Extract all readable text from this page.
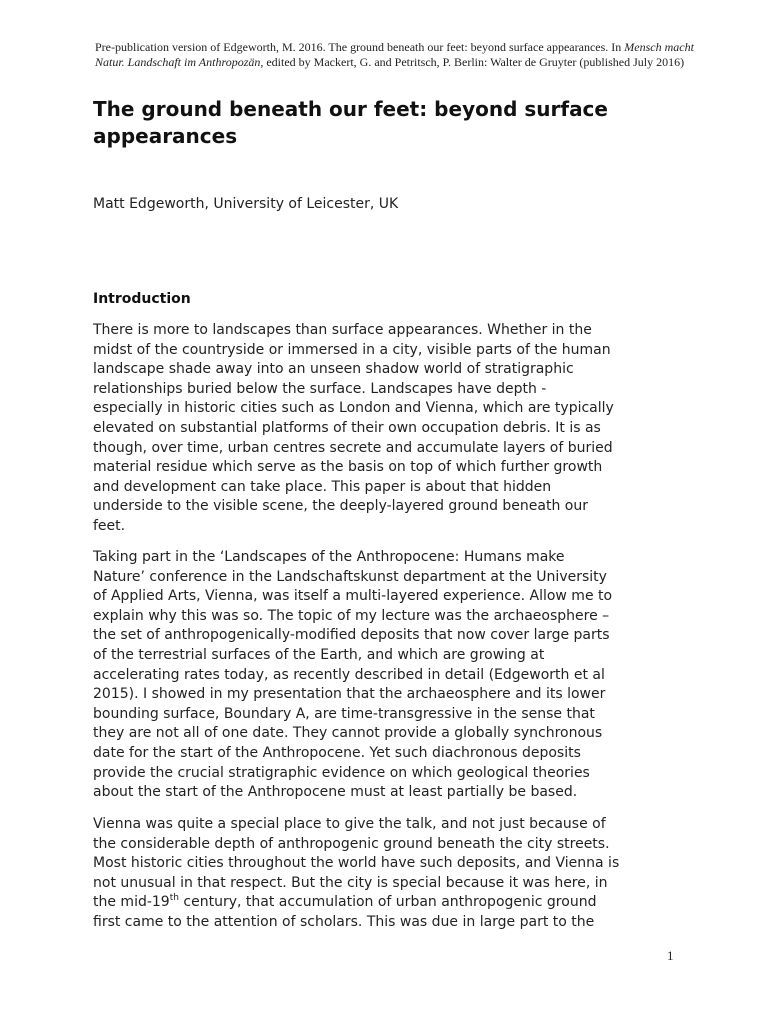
Pre-publication version of Edgeworth, M. 2016. The ground beneath our feet: beyond surface appearances. In Mensch macht Natur. Landschaft im Anthropozän, edited by Mackert, G. and Petritsch, P. Berlin: Walter de Gruyter (published July 2016)
The ground beneath our feet: beyond surface
appearances
Matt Edgeworth, University of Leicester, UK
Introduction

There is more to landscapes than surface appearances. Whether in the
midst of the countryside or immersed in a city, visible parts of the human
landscape shade away into an unseen shadow world of stratigraphic
relationships buried below the surface. Landscapes have depth -
especially in historic cities such as London and Vienna, which are typically
elevated on substantial platforms of their own occupation debris. It is as
though, over time, urban centres secrete and accumulate layers of buried
material residue which serve as the basis on top of which further growth
and development can take place. This paper is about that hidden
underside to the visible scene, the deeply-layered ground beneath our
feet.

Taking part in the ‘Landscapes of the Anthropocene: Humans make
Nature’ conference in the Landschaftskunst department at the University
of Applied Arts, Vienna, was itself a multi-layered experience. Allow me to
explain why this was so. The topic of my lecture was the archaeosphere –
the set of anthropogenically-modified deposits that now cover large parts
of the terrestrial surfaces of the Earth, and which are growing at
accelerating rates today, as recently described in detail (Edgeworth et al
2015). I showed in my presentation that the archaeosphere and its lower
bounding surface, Boundary A, are time-transgressive in the sense that
they are not all of one date. They cannot provide a globally synchronous
date for the start of the Anthropocene. Yet such diachronous deposits
provide the crucial stratigraphic evidence on which geological theories
about the start of the Anthropocene must at least partially be based.

Vienna was quite a special place to give the talk, and not just because of
the considerable depth of anthropogenic ground beneath the city streets.
Most historic cities throughout the world have such deposits, and Vienna is
not unusual in that respect. But the city is special because it was here, in
the mid-19th century, that accumulation of urban anthropogenic ground
first came to the attention of scholars. This was due in large part to the

1
